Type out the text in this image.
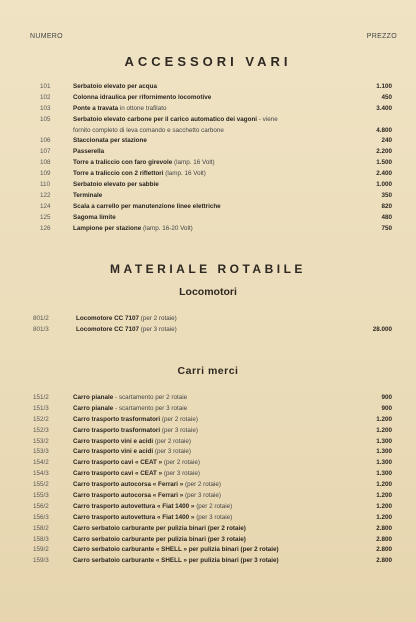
NUMERO	PREZZO
ACCESSORI VARI
101	Serbatoio elevato per acqua	1.100
102	Colonna idraulica per rifornimento locomotive	450
103	Ponte a travata in ottone trafilato	3.400
105	Serbatoio elevato carbone per il carico automatico dei vagoni - viene
fornito completo di leva comando e sacchetto carbone	4.800
106	Staccionata per stazione	240
107	Passerella	2.200
108	Torre a traliccio con faro girevole (lamp. 16 Volt)	1.500
109	Torre a traliccio con 2 riflettori (lamp. 16 Volt)	2.400
110	Serbatoio elevato per sabbie	1.000
122	Terminale	350
124	Scala a carrello per manutenzione linee elettriche	820
125	Sagoma limite	480
126	Lampione per stazione (lamp. 16-20 Volt)	750
MATERIALE ROTABILE
Locomotori
801/2	Locomotore CC 7107 (per 2 rotaie)
801/3	Locomotore CC 7107 (per 3 rotaie)	28.000
Carri merci
151/2	Carro pianale - scartamento per 2 rotaie	900
151/3	Carro pianale - scartamento per 3 rotaie	900
152/2	Carro trasporto trasformatori (per 2 rotaie)	1.200
152/3	Carro trasporto trasformatori (per 3 rotaie)	1.200
153/2	Carro trasporto vini e acidi (per 2 rotaie)	1.300
153/3	Carro trasporto vini e acidi (per 3 rotaie)	1.300
154/2	Carro trasporto cavi « CEAT » (per 2 rotaie)	1.300
154/3	Carro trasporto cavi « CEAT » (per 3 rotaie)	1.300
155/2	Carro trasporto autocorsa « Ferrari » (per 2 rotaie)	1.200
155/3	Carro trasporto autocorsa « Ferrari » (per 3 rotaie)	1.200
156/2	Carro trasporto autovettura « Fiat 1400 » (per 2 rotaie)	1.200
156/3	Carro trasporto autovettura « Fiat 1400 » (per 3 rotaie)	1.200
158/2	Carro serbatoio carburante per pulizia binari (per 2 rotaie)	2.800
158/3	Carro serbatoio carburante per pulizia binari (per 3 rotaie)	2.800
159/2	Carro serbatoio carburante « SHELL » per pulizia binari (per 2 rotaie)	2.800
159/3	Carro serbatoio carburante « SHELL » per pulizia binari (per 3 rotaie)	2.800
